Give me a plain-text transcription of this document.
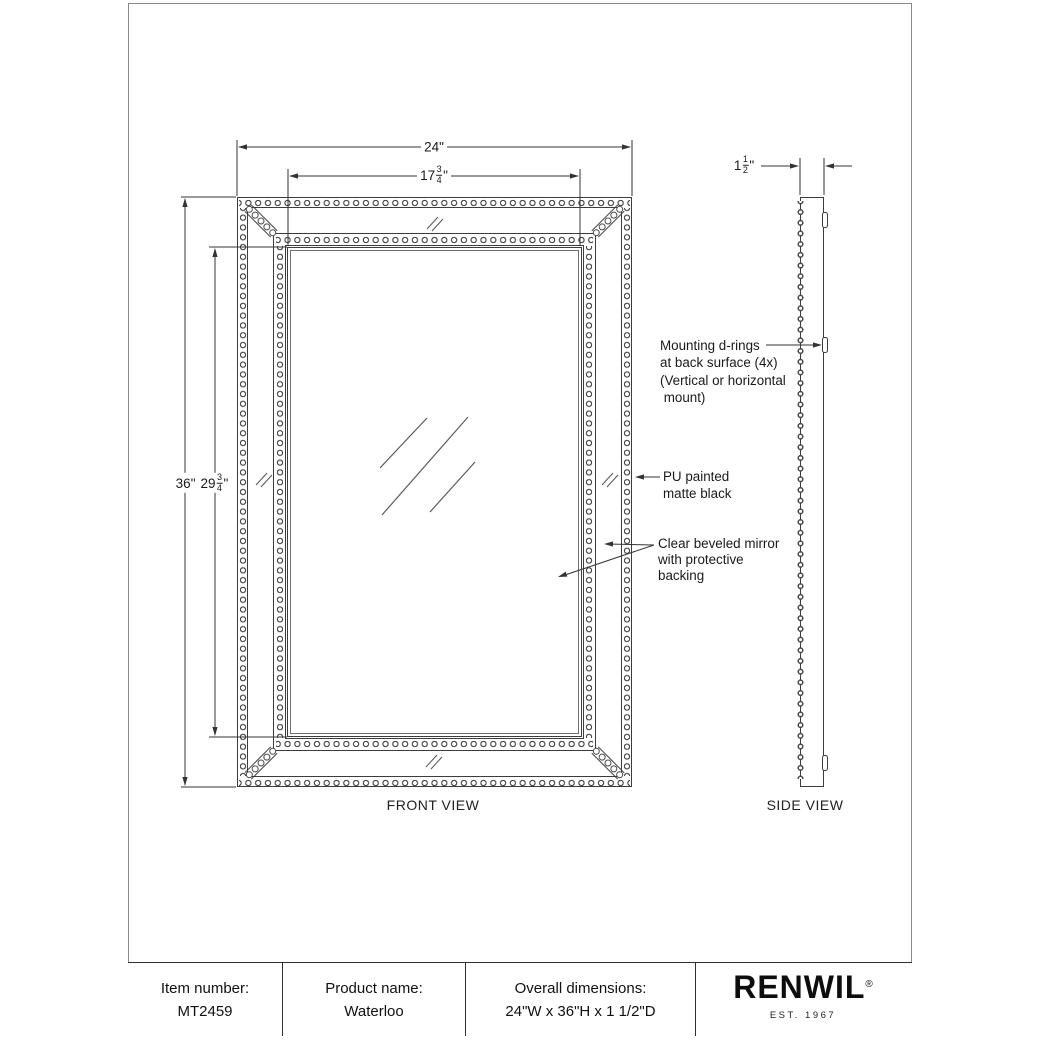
24 "
$17 \frac{3}{4}$ "
36 " $29 \frac{3}{4}$ "
$1 \frac{1}{2}$ "
Mounting d-rings
at back surface (4x)
(Vertical or horizontal
mount)
PU painted
matte black
Clear beveled mirror
with protective
backing
FRONT VIEW	SIDE VIEW
Item number:
MT2459
Product name:
Waterloo
Overall dimensions:
24"W x 36"H x 1 1/2"D
RENWIL ®
EST. 1967
